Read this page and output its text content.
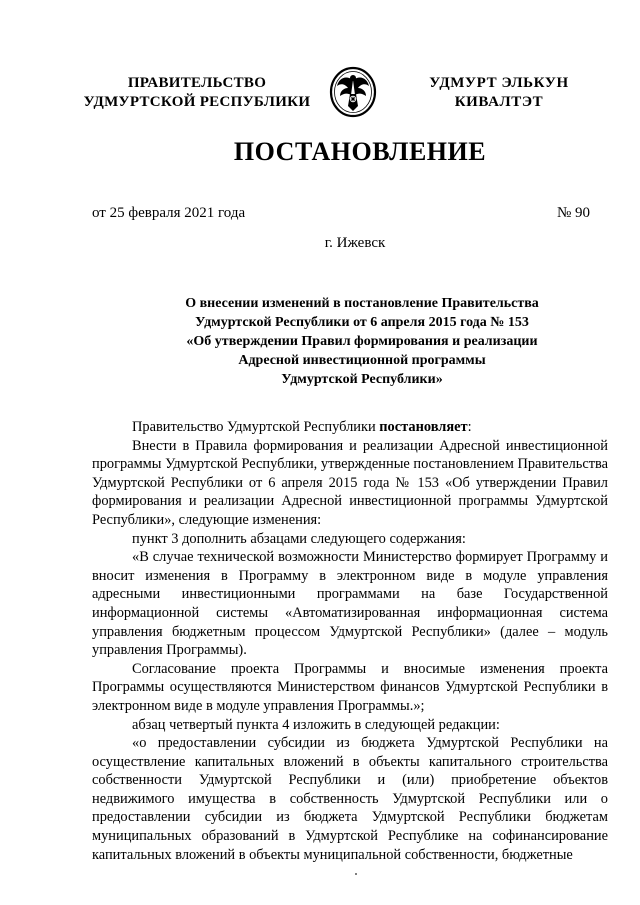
ПРАВИТЕЛЬСТВО
УДМУРТСКОЙ РЕСПУБЛИКИ
УДМУРТ ЭЛЬКУН
КИВАЛТЭТ
ПОСТАНОВЛЕНИЕ
от 25 февраля 2021 года	№ 90
г. Ижевск
О внесении изменений в постановление Правительства
Удмуртской Республики от 6 апреля 2015 года № 153
«Об утверждении Правил формирования и реализации
Адресной инвестиционной программы
Удмуртской Республики»

Правительство Удмуртской Республики постановляет:

Внести в Правила формирования и реализации Адресной инвестиционной программы Удмуртской Республики, утвержденные постановлением Правительства Удмуртской Республики от 6 апреля 2015 года № 153 «Об утверждении Правил формирования и реализации Адресной инвестиционной программы Удмуртской Республики», следующие изменения:

пункт 3 дополнить абзацами следующего содержания:

«В случае технической возможности Министерство формирует Программу и вносит изменения в Программу в электронном виде в модуле управления адресными инвестиционными программами на базе Государственной информационной системы «Автоматизированная информационная система управления бюджетным процессом Удмуртской Республики» (далее – модуль управления Программы).

Согласование проекта Программы и вносимые изменения проекта Программы осуществляются Министерством финансов Удмуртской Республики в электронном виде в модуле управления Программы.»;

абзац четвертый пункта 4 изложить в следующей редакции:

«о предоставлении субсидии из бюджета Удмуртской Республики на осуществление капитальных вложений в объекты капитального строительства собственности Удмуртской Республики и (или) приобретение объектов недвижимого имущества в собственность Удмуртской Республики или о предоставлении субсидии из бюджета Удмуртской Республики бюджетам муниципальных образований в Удмуртской Республике на софинансирование капитальных вложений в объекты муниципальной собственности, бюджетные
